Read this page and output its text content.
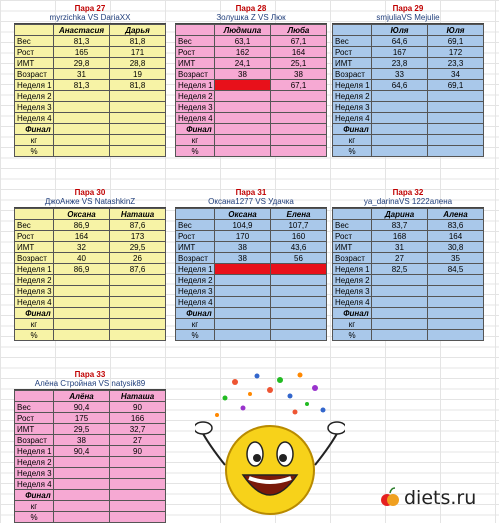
Пара 27
myrzichka VS DariaXX
	Анастасия	Дарья
Вес	81,3	81,8
Рост	165	171
ИМТ	29,8	28,8
Возраст	31	19
Неделя 1	81,3	81,8
Неделя 2		
Неделя 3		
Неделя 4		
Финал		
кг		
%		
Пара 28
Золушка Z VS Люк
	Людмила	Люба
Вес	63,1	67,1
Рост	162	164
ИМТ	24,1	25,1
Возраст	38	38
Неделя 1		67,1
Неделя 2		
Неделя 3		
Неделя 4		
Финал		
кг		
%		
Пара 29
smjuliaVS Mejulie
	Юля	Юля
Вес	64,6	69,1
Рост	167	172
ИМТ	23,8	23,3
Возраст	33	34
Неделя 1	64,6	69,1
Неделя 2		
Неделя 3		
Неделя 4		
Финал		
кг		
%		
Пара 30
ДжоАнже VS NatashkinZ
	Оксана	Наташа
Вес	86,9	87,6
Рост	164	173
ИМТ	32	29,5
Возраст	40	26
Неделя 1	86,9	87,6
Неделя 2		
Неделя 3		
Неделя 4		
Финал		
кг		
%		
Пара 31
Оксана1277 VS Удачка
	Оксана	Елена
Вес	104,9	107,7
Рост	170	160
ИМТ	38	43,6
Возраст	38	56
Неделя 1		
Неделя 2		
Неделя 3		
Неделя 4		
Финал		
кг		
%		
Пара 32
ya_darinaVS 1222алена
	Дарина	Алена
Вес	83,7	83,6
Рост	168	164
ИМТ	31	30,8
Возраст	27	35
Неделя 1	82,5	84,5
Неделя 2		
Неделя 3		
Неделя 4		
Финал		
кг		
%		
Пара 33
Алёна Стройная VS natysik89
	Алёна	Наташа
Вес	90,4	90
Рост	175	166
ИМТ	29,5	32,7
Возраст	38	27
Неделя 1	90,4	90
Неделя 2		
Неделя 3		
Неделя 4		
Финал		
кг		
%		
diets.ru
